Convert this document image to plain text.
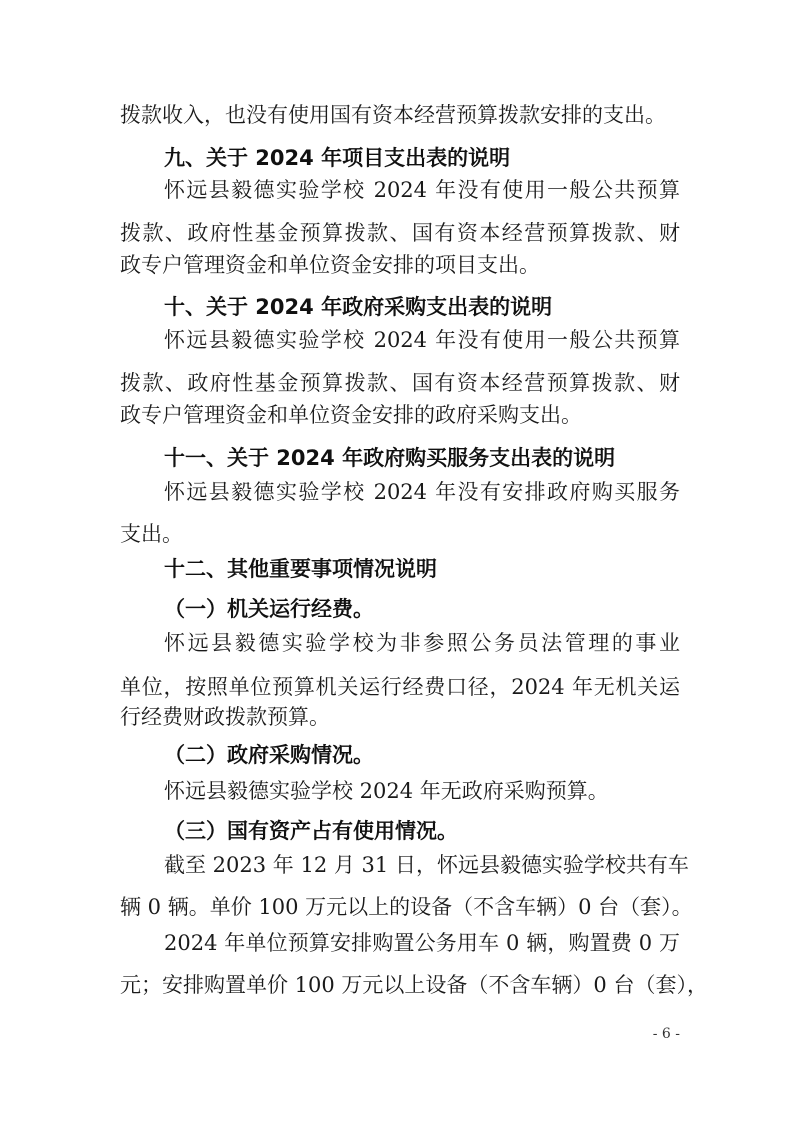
拨款收入，也没有使用国有资本经营预算拨款安排的支出。
九、关于 2024 年项目支出表的说明
怀远县毅德实验学校 2024 年没有使用一般公共预算
拨款、政府性基金预算拨款、国有资本经营预算拨款、财
政专户管理资金和单位资金安排的项目支出。
十、关于 2024 年政府采购支出表的说明
怀远县毅德实验学校 2024 年没有使用一般公共预算
拨款、政府性基金预算拨款、国有资本经营预算拨款、财
政专户管理资金和单位资金安排的政府采购支出。
十一、关于 2024 年政府购买服务支出表的说明
怀远县毅德实验学校 2024 年没有安排政府购买服务
支出。
十二、其他重要事项情况说明
（一）机关运行经费。
怀远县毅德实验学校为非参照公务员法管理的事业
单位，按照单位预算机关运行经费口径，2024 年无机关运
行经费财政拨款预算。
（二）政府采购情况。
怀远县毅德实验学校 2024 年无政府采购预算。
（三）国有资产占有使用情况。
截至 2023 年 12 月 31 日，怀远县毅德实验学校共有车
辆 0 辆。单价 100 万元以上的设备（不含车辆）0 台（套）。
2024 年单位预算安排购置公务用车 0 辆，购置费 0 万
元；安排购置单价 100 万元以上设备（不含车辆）0 台（套），
- 6 -
